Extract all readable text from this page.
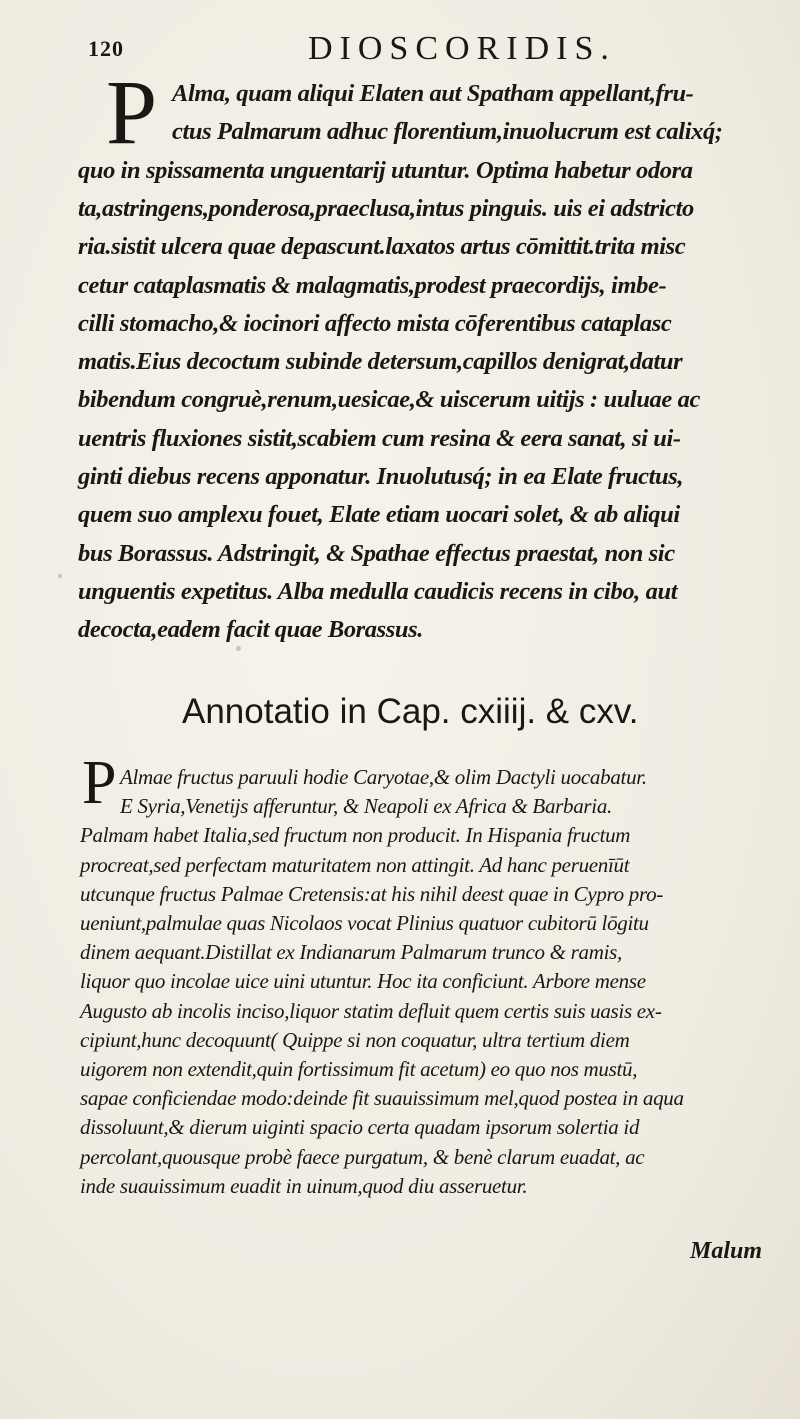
120	DIOSCORIDIS.
P Alma, quam aliqui Elaten aut Spatham appellant,fru-
ctus Palmarum adhuc florentium,inuolucrum est calixq́;
quo in spissamenta unguentarij utuntur. Optima habetur odora
ta,astringens,ponderosa,praeclusa,intus pinguis. uis ei adstricto
ria.sistit ulcera quae depascunt.laxatos artus cōmittit.trita misc
cetur cataplasmatis & malagmatis,prodest praecordijs, imbe-
cilli stomacho,& iocinori affecto mista cōferentibus cataplasc
matis.Eius decoctum subinde detersum,capillos denigrat,datur
bibendum congruè,renum,uesicae,& uiscerum uitijs : uuluae ac
uentris fluxiones sistit,scabiem cum resina & eera sanat, si ui-
ginti diebus recens apponatur. Inuolutusq́; in ea Elate fructus,
quem suo amplexu fouet, Elate etiam uocari solet, & ab aliqui
bus Borassus. Adstringit, & Spathae effectus praestat, non sic
unguentis expetitus. Alba medulla caudicis recens in cibo, aut
decocta,eadem facit quae Borassus.
Annotatio in Cap. cxiiij. & cxv.
P Almae fructus paruuli hodie Caryotae,& olim Dactyli uocabatur.
E Syria,Venetijs afferuntur, & Neapoli ex Africa & Barbaria.
Palmam habet Italia,sed fructum non producit. In Hispania fructum
procreat,sed perfectam maturitatem non attingit. Ad hanc peruenīūt
utcunque fructus Palmae Cretensis:at his nihil deest quae in Cypro pro-
ueniunt,palmulae quas Nicolaos vocat Plinius quatuor cubitorū lōgitu
dinem aequant.Distillat ex Indianarum Palmarum trunco & ramis,
liquor quo incolae uice uini utuntur. Hoc ita conficiunt. Arbore mense
Augusto ab incolis inciso,liquor statim defluit quem certis suis uasis ex-
cipiunt,hunc decoquunt( Quippe si non coquatur, ultra tertium diem
uigorem non extendit,quin fortissimum fit acetum) eo quo nos mustū,
sapae conficiendae modo:deinde fit suauissimum mel,quod postea in aqua
dissoluunt,& dierum uiginti spacio certa quadam ipsorum solertia id
percolant,quousque probè faece purgatum, & benè clarum euadat, ac
inde suauissimum euadit in uinum,quod diu asseruetur.
Malum
